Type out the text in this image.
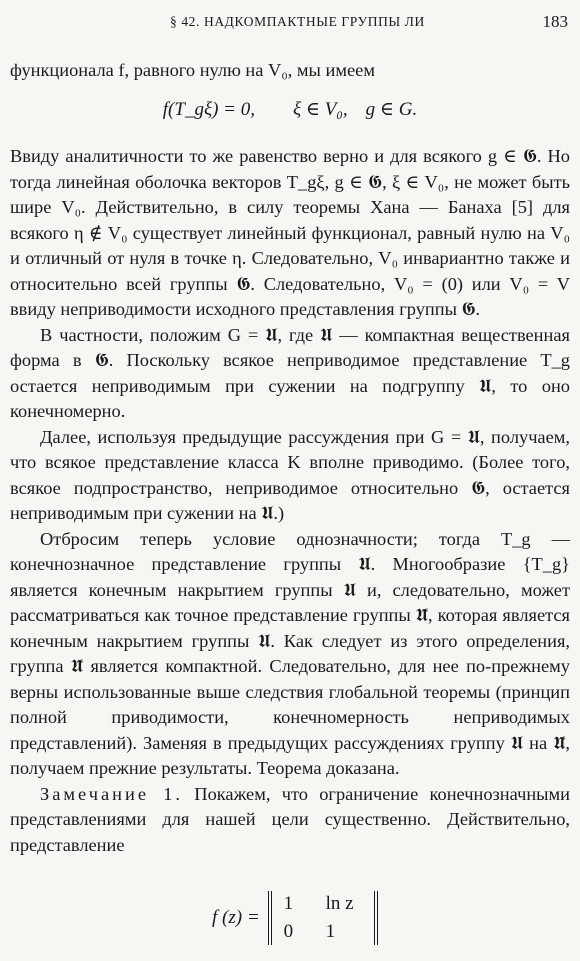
§ 42. НАДКОМПАКТНЫЕ ГРУППЫ ЛИ	183

функционала f, равного нулю на V₀, мы имеем

f(T_gξ) = 0, ξ ∈ V₀, g ∈ G.

Ввиду аналитичности то же равенство верно и для всякого g ∈ 𝕲. Но тогда линейная оболочка векторов T_gξ, g ∈ 𝕲, ξ ∈ V₀, не может быть шире V₀. Действительно, в силу теоремы Хана — Банаха [5] для всякого η ∉ V₀ существует линейный функционал, равный нулю на V₀ и отличный от нуля в точке η. Следовательно, V₀ инвариантно также и относительно всей группы 𝕲. Следовательно, V₀ = (0) или V₀ = V ввиду неприводимости исходного представления группы 𝕲.

В частности, положим G = 𝖀, где 𝖀 — компактная вещественная форма в 𝕲. Поскольку всякое неприводимое представление T_g остается неприводимым при сужении на подгруппу 𝖀, то оно конечномерно.

Далее, используя предыдущие рассуждения при G = 𝖀, получаем, что всякое представление класса K вполне приводимо. (Более того, всякое подпространство, неприводимое относительно 𝕲, остается неприводимым при сужении на 𝖀.)

Отбросим теперь условие однозначности; тогда T_g — конечнозначное представление группы 𝖀. Многообразие {T_g} является конечным накрытием группы 𝖀 и, следовательно, может рассматриваться как точное представление группы 𝖀̃, которая является конечным накрытием группы 𝖀. Как следует из этого определения, группа 𝖀̃ является компактной. Следовательно, для нее по-прежнему верны использованные выше следствия глобальной теоремы (принцип полной приводимости, конечномерность неприводимых представлений). Заменяя в предыдущих рассуждениях группу 𝖀 на 𝖀̃, получаем прежние результаты. Теорема доказана.

Замечание 1. Покажем, что ограничение конечнозначными представлениями для нашей цели существенно. Действительно, представление

f (z) =
1	ln z
0	1
